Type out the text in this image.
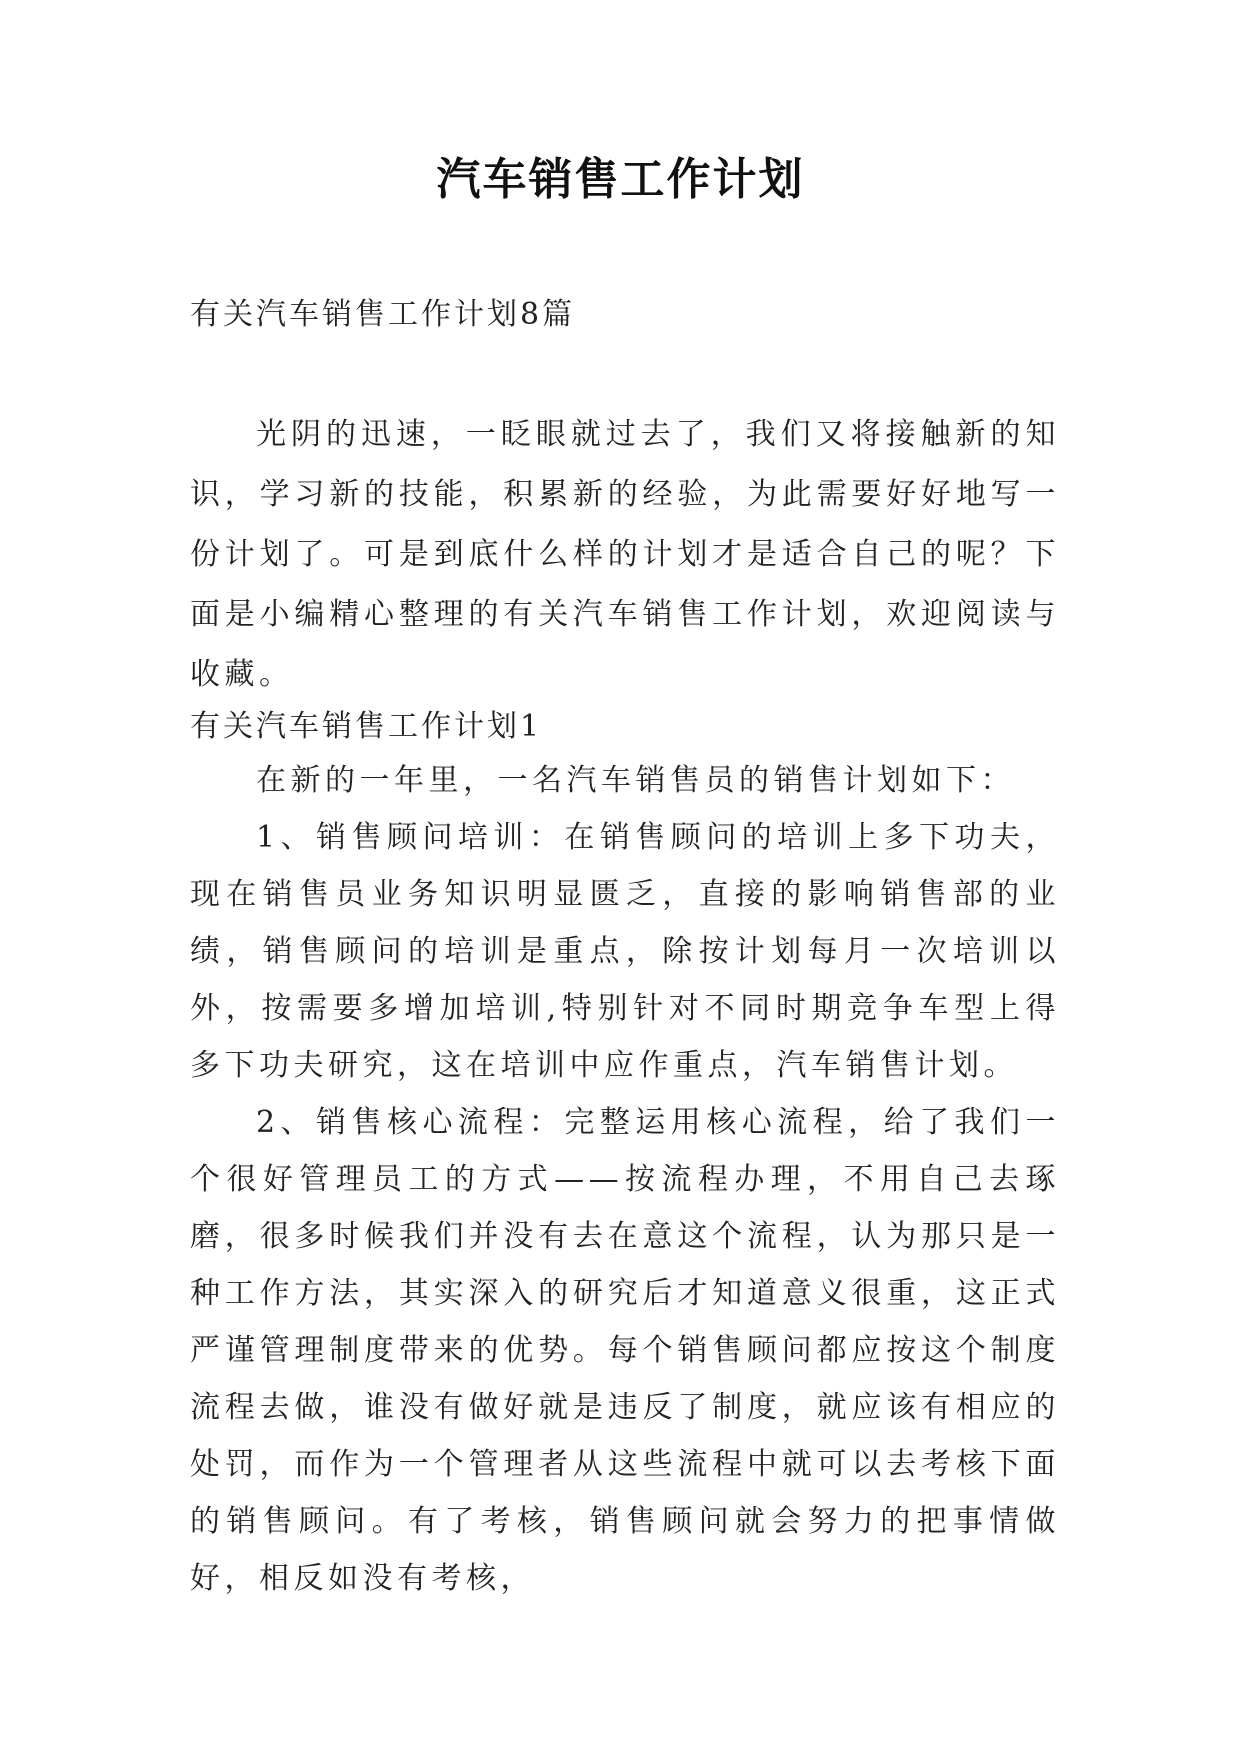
汽车销售工作计划
有关汽车销售工作计划8篇

光阴的迅速，一眨眼就过去了，我们又将接触新的知识，学习新的技能，积累新的经验，为此需要好好地写一份计划了。可是到底什么样的计划才是适合自己的呢？下面是小编精心整理的有关汽车销售工作计划，欢迎阅读与收藏。

有关汽车销售工作计划1

在新的一年里，一名汽车销售员的销售计划如下：

1、销售顾问培训：在销售顾问的培训上多下功夫，现在销售员业务知识明显匮乏，直接的影响销售部的业绩，销售顾问的培训是重点，除按计划每月一次培训以外，按需要多增加培训,特别针对不同时期竞争车型上得多下功夫研究，这在培训中应作重点，汽车销售计划。

2、销售核心流程：完整运用核心流程，给了我们一个很好管理员工的方式——按流程办理，不用自己去琢磨，很多时候我们并没有去在意这个流程，认为那只是一种工作方法，其实深入的研究后才知道意义很重，这正式严谨管理制度带来的优势。每个销售顾问都应按这个制度流程去做，谁没有做好就是违反了制度，就应该有相应的处罚，而作为一个管理者从这些流程中就可以去考核下面的销售顾问。有了考核，销售顾问就会努力的把事情做好，相反如没有考核，
